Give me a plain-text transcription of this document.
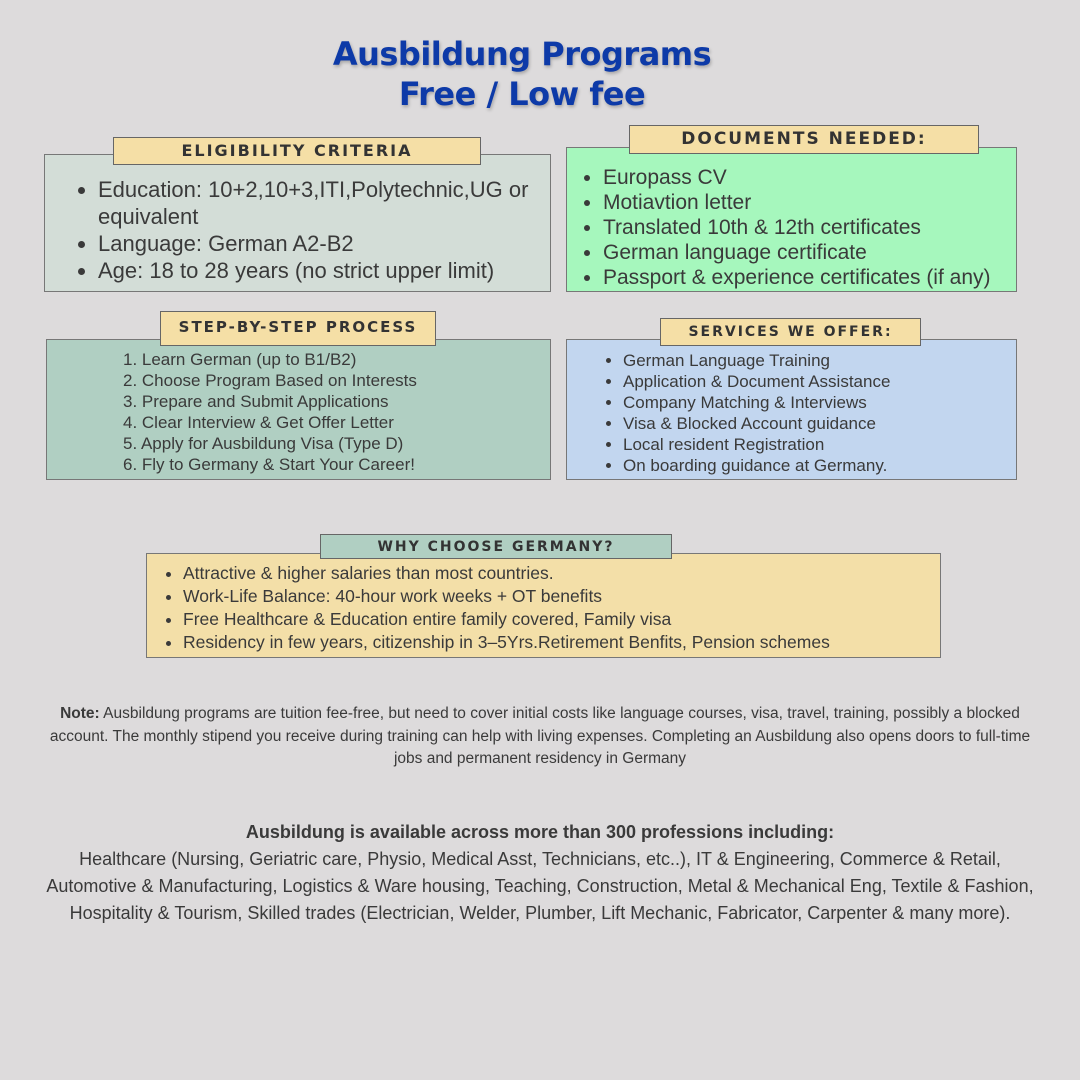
Ausbildung Programs
Free / Low fee
• Education: 10+2,10+3,ITI,Polytechnic,UG or equivalent
• Language: German A2-B2
• Age: 18 to 28 years (no strict upper limit)
ELIGIBILITY CRITERIA
• Europass CV
• Motiavtion letter
• Translated 10th & 12th certificates
• German language certificate
• Passport & experience certificates (if any)
DOCUMENTS NEEDED:
1. Learn German (up to B1/B2)
2. Choose Program Based on Interests
3. Prepare and Submit Applications
4. Clear Interview & Get Offer Letter
5. Apply for Ausbildung Visa (Type D)
6. Fly to Germany & Start Your Career!
STEP-BY-STEP PROCESS
• German Language Training
• Application & Document Assistance
• Company Matching & Interviews
• Visa & Blocked Account guidance
• Local resident Registration
• On boarding guidance at Germany.
SERVICES WE OFFER:
• Attractive & higher salaries than most countries.
• Work-Life Balance: 40-hour work weeks + OT benefits
• Free Healthcare & Education entire family covered, Family visa
• Residency in few years, citizenship in 3–5Yrs.Retirement Benfits, Pension schemes
WHY CHOOSE GERMANY?
Note: Ausbildung programs are tuition fee-free, but need to cover initial costs like language courses, visa, travel, training, possibly a blocked account. The monthly stipend you receive during training can help with living expenses. Completing an Ausbildung also opens doors to full-time jobs and permanent residency in Germany
Ausbildung is available across more than 300 professions including:
Healthcare (Nursing, Geriatric care, Physio, Medical Asst, Technicians, etc..), IT & Engineering, Commerce & Retail, Automotive & Manufacturing, Logistics & Ware housing, Teaching, Construction, Metal & Mechanical Eng, Textile & Fashion, Hospitality & Tourism, Skilled trades (Electrician, Welder, Plumber, Lift Mechanic, Fabricator, Carpenter & many more).
